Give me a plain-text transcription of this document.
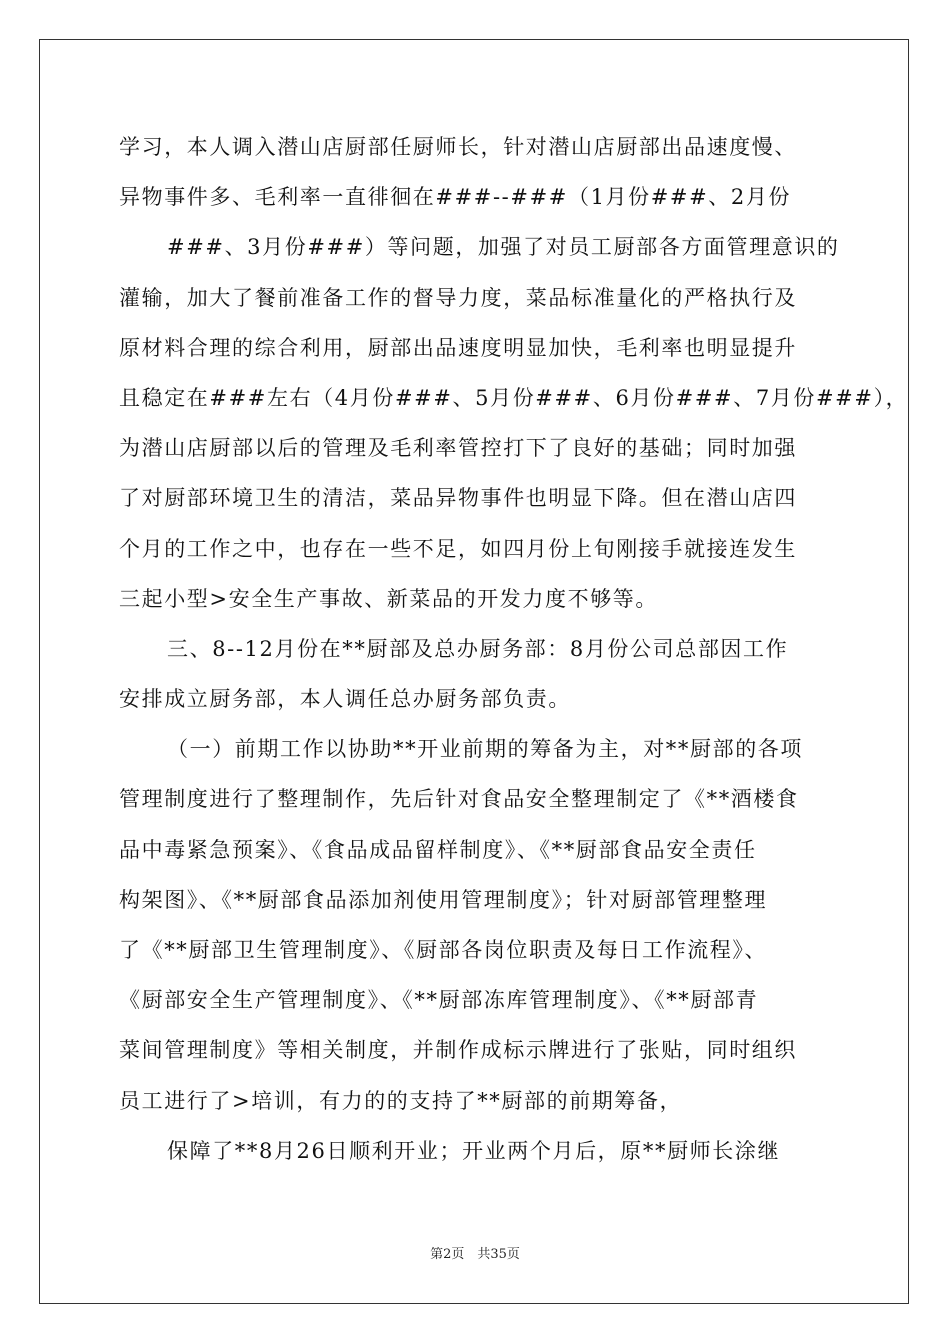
学习，本人调入潜山店厨部任厨师长，针对潜山店厨部出品速度慢、
异物事件多、毛利率一直徘徊在###--###（1月份###、2月份
###、3月份###）等问题，加强了对员工厨部各方面管理意识的
灌输，加大了餐前准备工作的督导力度，菜品标准量化的严格执行及
原材料合理的综合利用，厨部出品速度明显加快，毛利率也明显提升
且稳定在###左右（4月份###、5月份###、6月份###、7月份###），
为潜山店厨部以后的管理及毛利率管控打下了良好的基础；同时加强
了对厨部环境卫生的清洁，菜品异物事件也明显下降。但在潜山店四
个月的工作之中，也存在一些不足，如四月份上旬刚接手就接连发生
三起小型>安全生产事故、新菜品的开发力度不够等。
三、8--12月份在**厨部及总办厨务部：8月份公司总部因工作
安排成立厨务部，本人调任总办厨务部负责。
（一）前期工作以协助**开业前期的筹备为主，对**厨部的各项
管理制度进行了整理制作，先后针对食品安全整理制定了《**酒楼食
品中毒紧急预案》、《食品成品留样制度》、《**厨部食品安全责任
构架图》、《**厨部食品添加剂使用管理制度》；针对厨部管理整理
了《**厨部卫生管理制度》、《厨部各岗位职责及每日工作流程》、
《厨部安全生产管理制度》、《**厨部冻库管理制度》、《**厨部青
菜间管理制度》等相关制度，并制作成标示牌进行了张贴，同时组织
员工进行了>培训，有力的的支持了**厨部的前期筹备，
保障了**8月26日顺利开业；开业两个月后，原**厨师长涂继
第2页　共35页
